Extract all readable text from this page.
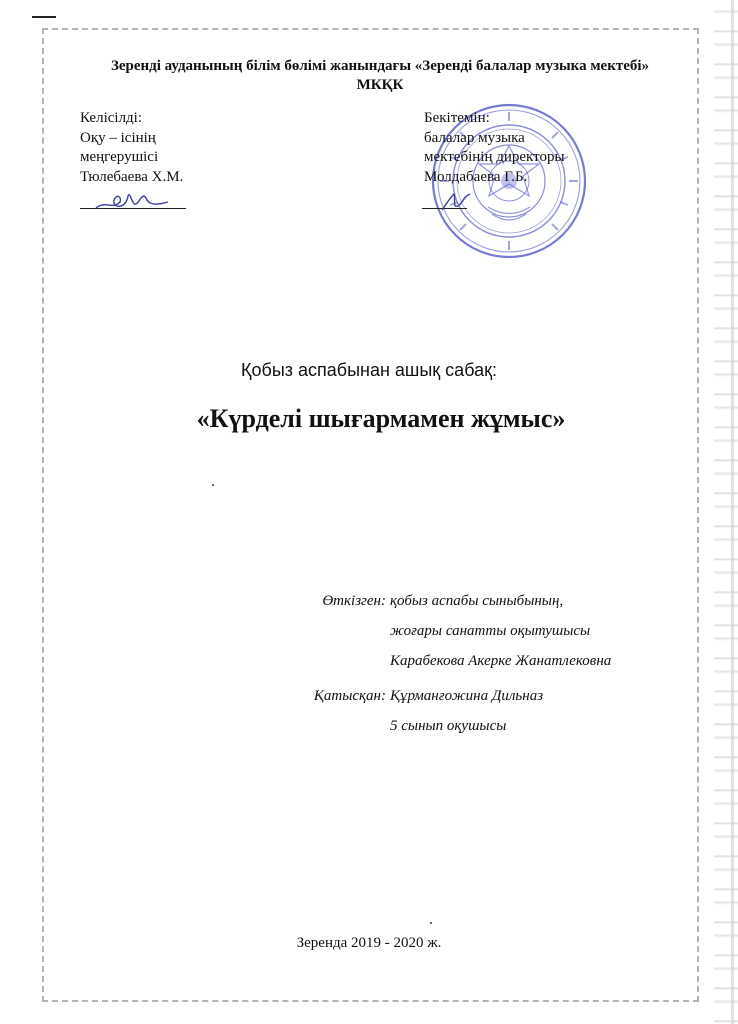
Зеренді ауданының білім бөлімі жанындағы «Зеренді балалар музыка мектебі» МКҚК
Келісілді:
Оқу – ісінің
меңгерушісі
Тюлебаева Х.М.
Бекітемін:
балалар музыка
мектебінің директоры
Молдабаева Г.Б.
Қобыз аспабынан ашық сабақ:
«Күрделі шығармамен жұмыс»
Өткізген: қобыз аспабы сыныбының,
жоғары санатты оқытушысы
Карабекова Акерке Жанатлековна
Қатысқан: Құрманғожина Дильназ
5 сынып оқушысы
Зеренда 2019 - 2020 ж.
